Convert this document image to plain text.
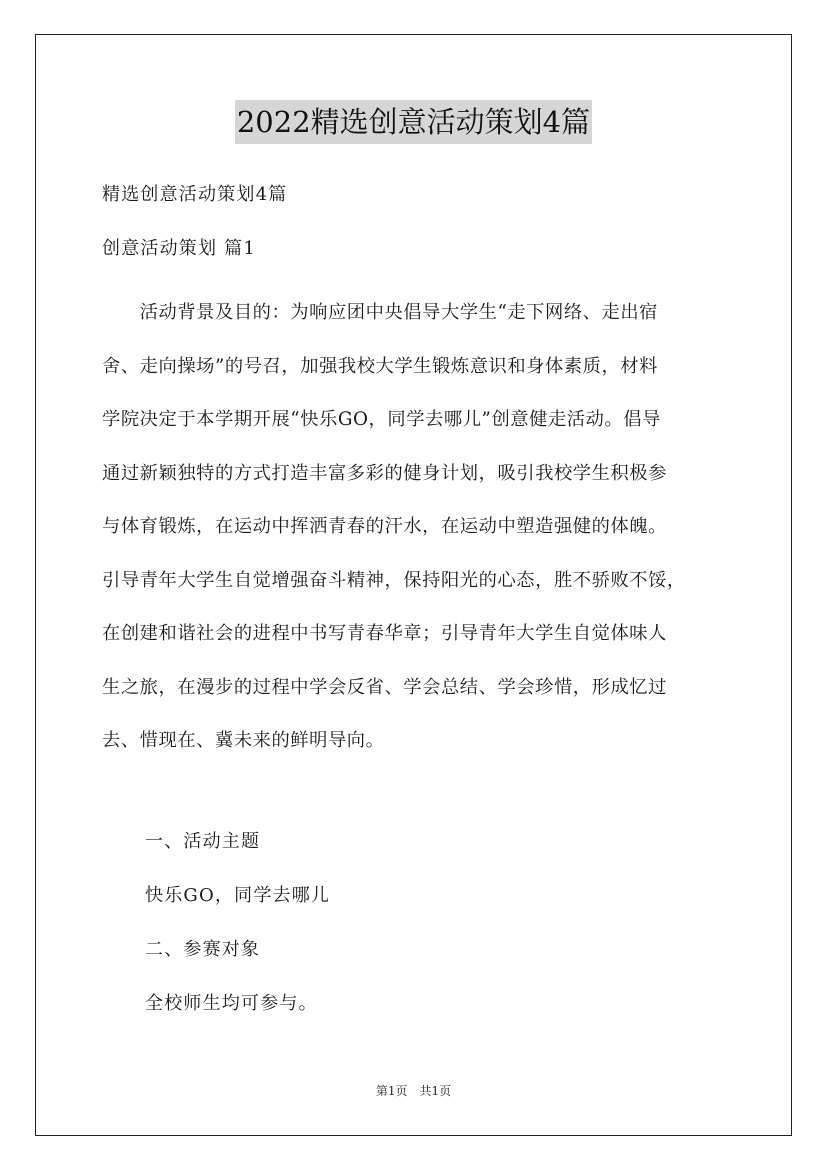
2022精选创意活动策划4篇
精选创意活动策划4篇
创意活动策划 篇1
　　活动背景及目的：为响应团中央倡导大学生“走下网络、走出宿
舍、走向操场”的号召，加强我校大学生锻炼意识和身体素质，材料
学院决定于本学期开展“快乐GO，同学去哪儿”创意健走活动。倡导
通过新颖独特的方式打造丰富多彩的健身计划，吸引我校学生积极参
与体育锻炼，在运动中挥洒青春的汗水，在运动中塑造强健的体魄。
引导青年大学生自觉增强奋斗精神，保持阳光的心态，胜不骄败不馁，
在创建和谐社会的进程中书写青春华章；引导青年大学生自觉体味人
生之旅，在漫步的过程中学会反省、学会总结、学会珍惜，形成忆过
去、惜现在、冀未来的鲜明导向。
一、活动主题
快乐GO，同学去哪儿
二、参赛对象
全校师生均可参与。
第1页　共1页
